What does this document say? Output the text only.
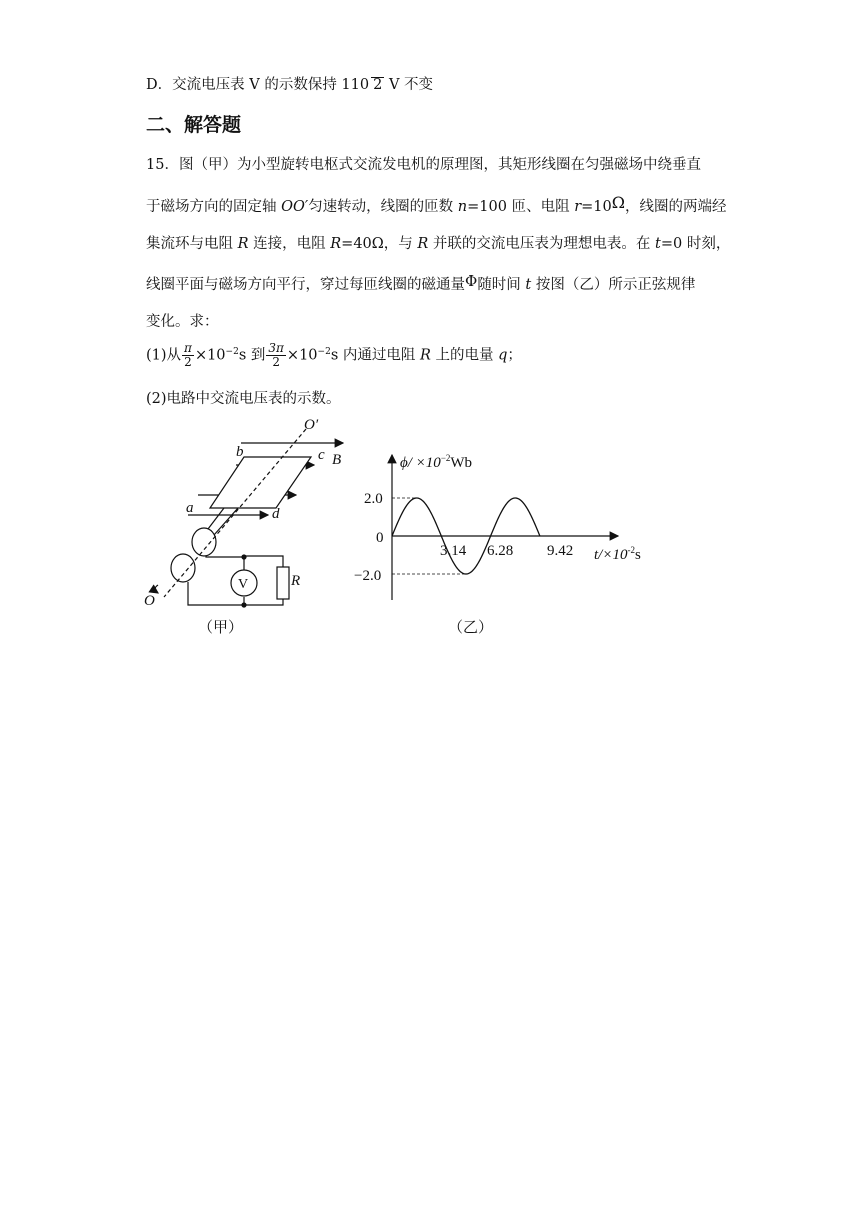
D．交流电压表 V 的示数保持 110 2 V 不变
二、解答题
15．图（甲）为小型旋转电枢式交流发电机的原理图，其矩形线圈在匀强磁场中绕垂直
于磁场方向的固定轴 OO′匀速转动，线圈的匝数 n=100 匝、电阻 r=10Ω，线圈的两端经
集流环与电阻 R 连接，电阻 R=40Ω，与 R 并联的交流电压表为理想电表。在 t=0 时刻，
线圈平面与磁场方向平行，穿过每匝线圈的磁通量Φ随时间 t 按图（乙）所示正弦规律
变化。求：
(1)从 $\frac{\pi}{2} \times 10^{-2}s$ 到 $\frac{3\pi}{2} \times 10^{-2}s$ 内通过电阻 R 上的电量 q；
(2)电路中交流电压表的示数。
O′
O
a
b	c
d
B
V	R
（甲）
$\phi/ \times 10^{-2}Wb$
$t/\times 10^{-2}s$
2.0
0
−2.0
3.14 6.28 9.42
（乙）
